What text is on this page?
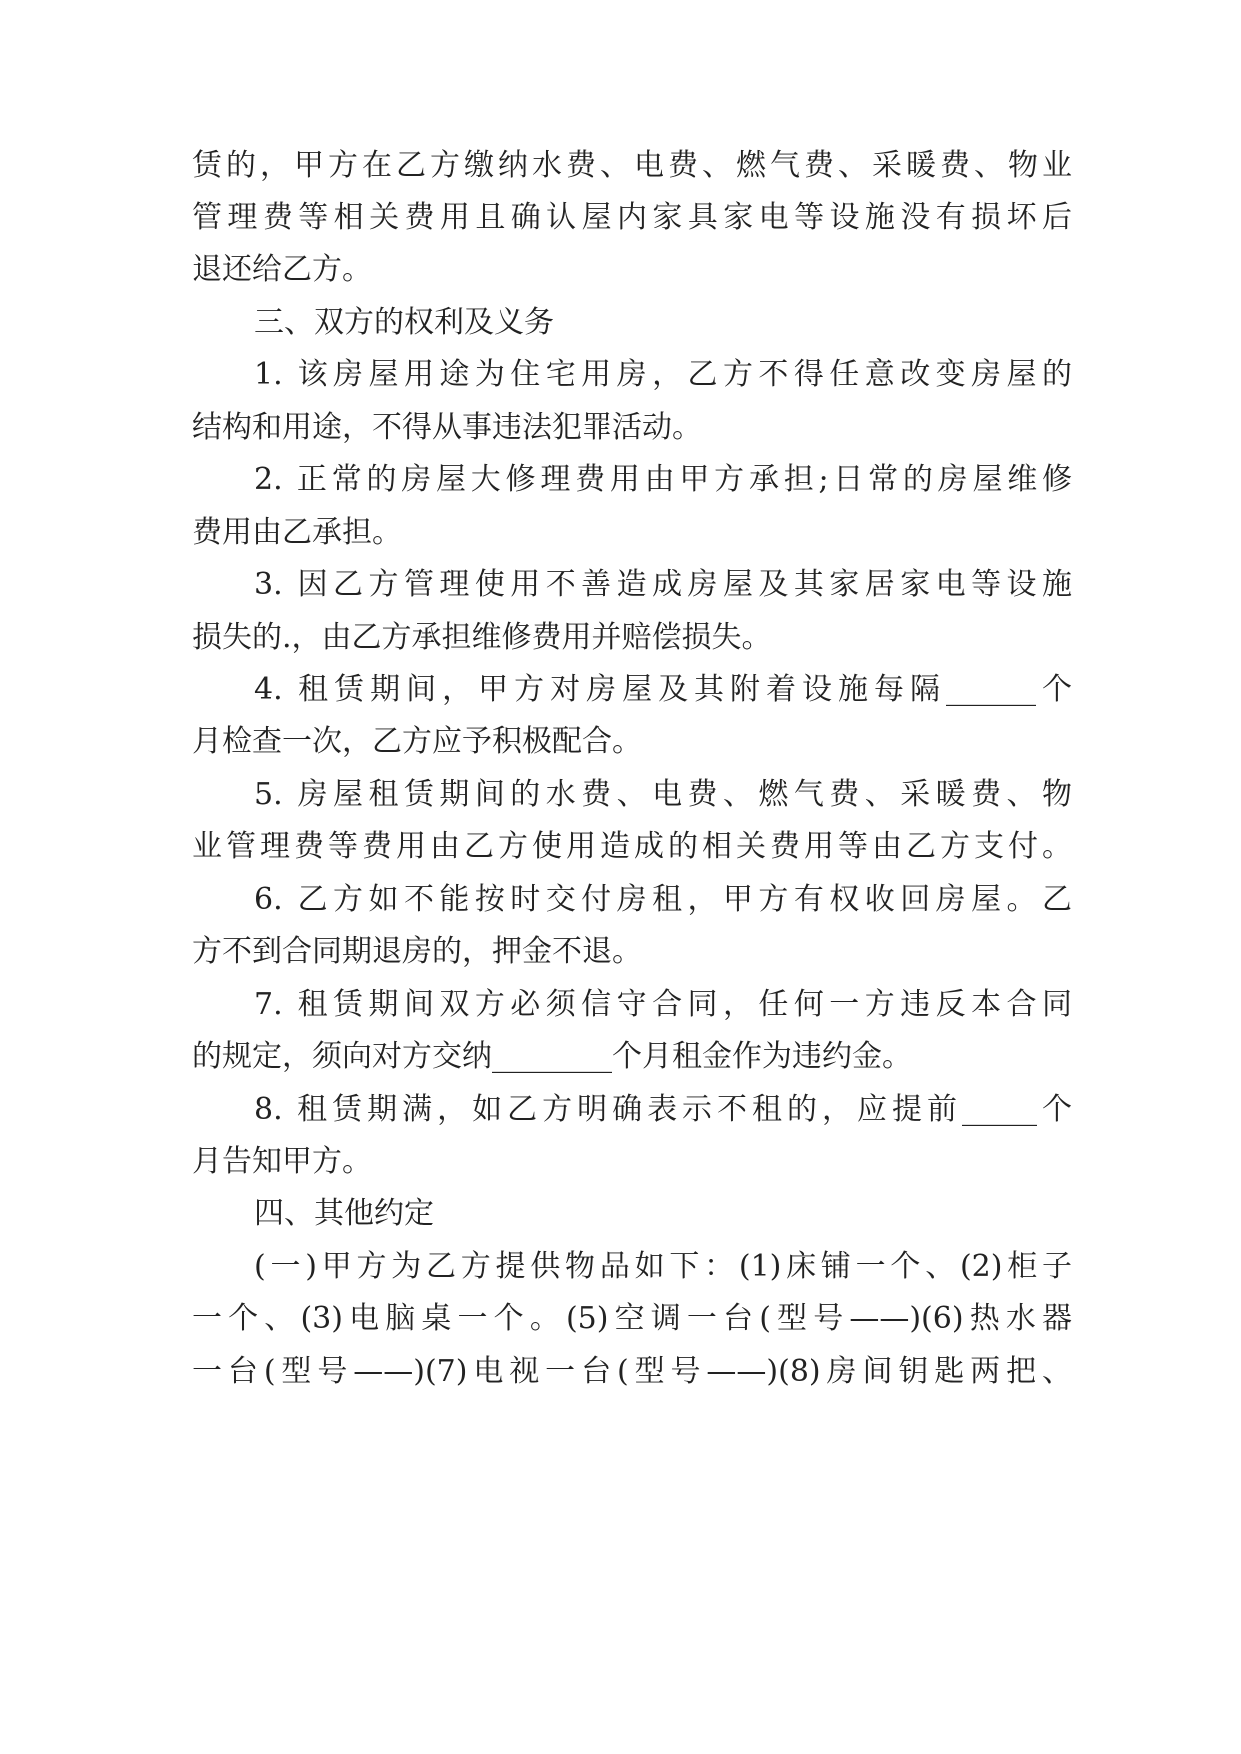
赁的，甲方在乙方缴纳水费、电费、燃气费、采暖费、物业
管理费等相关费用且确认屋内家具家电等设施没有损坏后
退还给乙方。
三、双方的权利及义务
1. 该房屋用途为住宅用房，乙方不得任意改变房屋的
结构和用途，不得从事违法犯罪活动。
2. 正常的房屋大修理费用由甲方承担;日常的房屋维修
费用由乙承担。
3. 因乙方管理使用不善造成房屋及其家居家电等设施
损失的.，由乙方承担维修费用并赔偿损失。
4. 租赁期间，甲方对房屋及其附着设施每隔______个
月检查一次，乙方应予积极配合。
5. 房屋租赁期间的水费、电费、燃气费、采暖费、物
业管理费等费用由乙方使用造成的相关费用等由乙方支付。
6. 乙方如不能按时交付房租，甲方有权收回房屋。乙
方不到合同期退房的，押金不退。
7. 租赁期间双方必须信守合同，任何一方违反本合同
的规定，须向对方交纳________个月租金作为违约金。
8. 租赁期满，如乙方明确表示不租的，应提前_____个
月告知甲方。
四、其他约定
(一)甲方为乙方提供物品如下：(1)床铺一个、(2)柜子
一个、(3)电脑桌一个。(5)空调一台(型号——)(6)热水器
一台(型号——)(7)电视一台(型号——)(8)房间钥匙两把、
